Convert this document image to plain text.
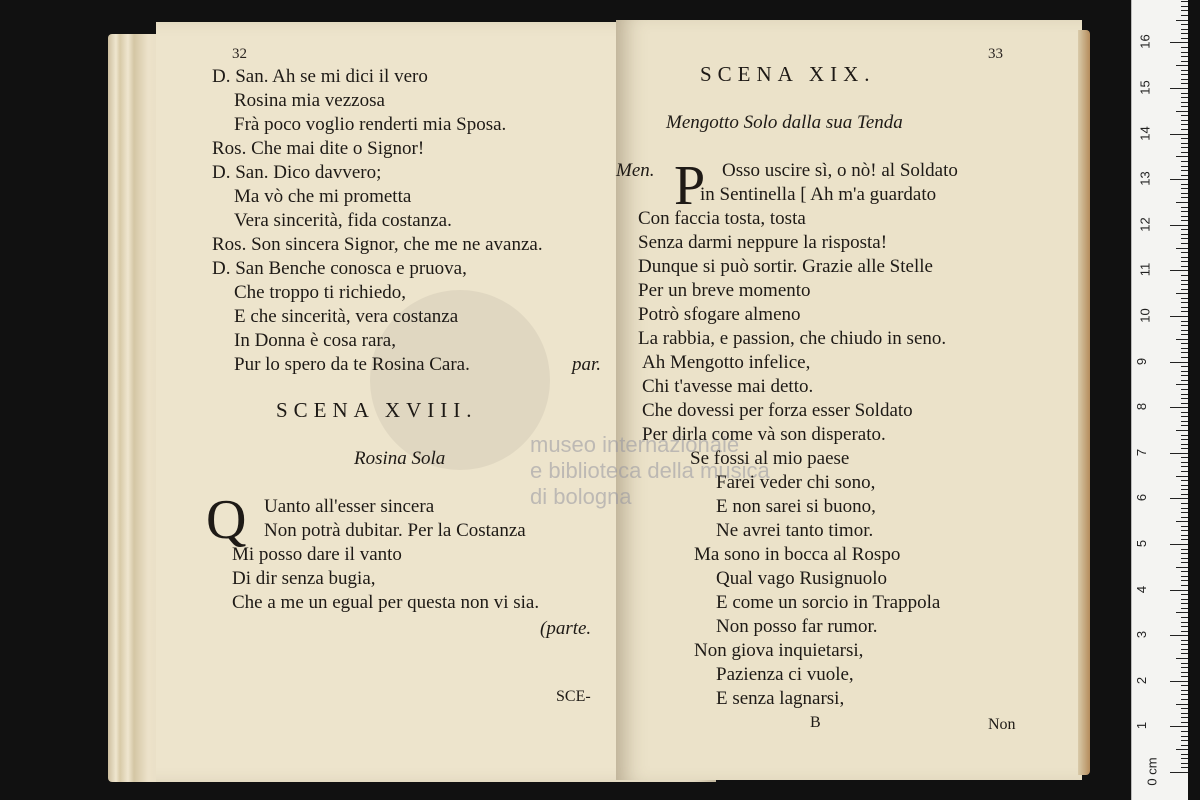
museo internazionale
e biblioteca della musica
di bologna
32
D. San. Ah se mi dici il vero
Rosina mia vezzosa
Frà poco voglio renderti mia Sposa.
Ros. Che mai dite o Signor!
D. San. Dico davvero;
Ma vò che mi prometta
Vera sincerità, fida costanza.
Ros. Son sincera Signor, che me ne avanza.
D. San Benche conosca e pruova,
Che troppo ti richiedo,
E che sincerità, vera costanza
In Donna è cosa rara,
Pur lo spero da te Rosina Cara.	par.
SCENA XVIII.
Rosina Sola
Q Uanto all'esser sincera
Non potrà dubitar. Per la Costanza
Mi posso dare il vanto
Di dir senza bugia,
Che a me un egual per questa non vi sia.
(parte.
SCE-
33
SCENA XIX.
Mengotto Solo dalla sua Tenda
Men. P Osso uscire sì, o nò! al Soldato
in Sentinella [ Ah m'a guardato
Con faccia tosta, tosta
Senza darmi neppure la risposta!
Dunque si può sortir. Grazie alle Stelle
Per un breve momento
Potrò sfogare almeno
La rabbia, e passion, che chiudo in seno.
Ah Mengotto infelice,
Chi t'avesse mai detto.
Che dovessi per forza esser Soldato
Per dirla come và son disperato.
Se fossi al mio paese
Farei veder chi sono,
E non sarei si buono,
Ne avrei tanto timor.
Ma sono in bocca al Rospo
Qual vago Rusignuolo
E come un sorcio in Trappola
Non posso far rumor.
Non giova inquietarsi,
Pazienza ci vuole,
E senza lagnarsi,
B	Non
0 cm
1
2
3
4
5
6
7
8
9
10
11
12
13
14
15
16
